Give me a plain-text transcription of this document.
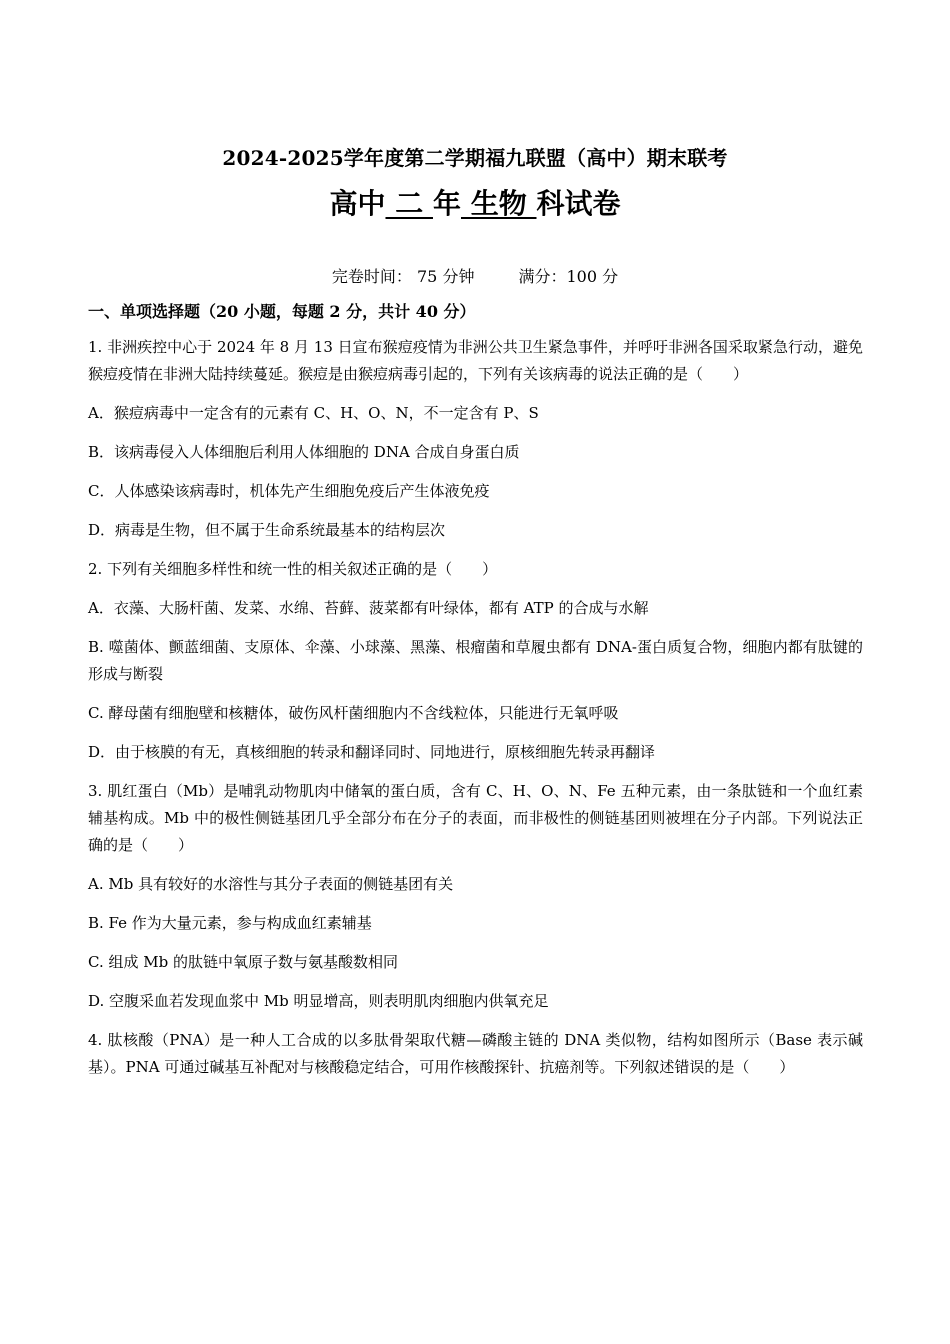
2024-2025学年度第二学期福九联盟（高中）期末联考
高中 二 年 生物 科试卷
完卷时间： 75 分钟	满分：100 分
一、单项选择题（20 小题，每题 2 分，共计 40 分）
1. 非洲疾控中心于 2024 年 8 月 13 日宣布猴痘疫情为非洲公共卫生紧急事件，并呼吁非洲各国采取紧急行动，避免猴痘疫情在非洲大陆持续蔓延。猴痘是由猴痘病毒引起的，下列有关该病毒的说法正确的是（　　）
A．猴痘病毒中一定含有的元素有 C、H、O、N，不一定含有 P、S
B．该病毒侵入人体细胞后利用人体细胞的 DNA 合成自身蛋白质
C．人体感染该病毒时，机体先产生细胞免疫后产生体液免疫
D．病毒是生物，但不属于生命系统最基本的结构层次
2. 下列有关细胞多样性和统一性的相关叙述正确的是（　　）
A．衣藻、大肠杆菌、发菜、水绵、苔藓、菠菜都有叶绿体，都有 ATP 的合成与水解
B. 噬菌体、颤蓝细菌、支原体、伞藻、小球藻、黑藻、根瘤菌和草履虫都有 DNA-蛋白质复合物，细胞内都有肽键的形成与断裂
C. 酵母菌有细胞壁和核糖体，破伤风杆菌细胞内不含线粒体，只能进行无氧呼吸
D．由于核膜的有无，真核细胞的转录和翻译同时、同地进行，原核细胞先转录再翻译
3. 肌红蛋白（Mb）是哺乳动物肌肉中储氧的蛋白质，含有 C、H、O、N、Fe 五种元素，由一条肽链和一个血红素辅基构成。Mb 中的极性侧链基团几乎全部分布在分子的表面，而非极性的侧链基团则被埋在分子内部。下列说法正确的是（　　）
A. Mb 具有较好的水溶性与其分子表面的侧链基团有关
B. Fe 作为大量元素，参与构成血红素辅基
C. 组成 Mb 的肽链中氧原子数与氨基酸数相同
D. 空腹采血若发现血浆中 Mb 明显增高，则表明肌肉细胞内供氧充足
4. 肽核酸（PNA）是一种人工合成的以多肽骨架取代糖—磷酸主链的 DNA 类似物，结构如图所示（Base 表示碱基）。PNA 可通过碱基互补配对与核酸稳定结合，可用作核酸探针、抗癌剂等。下列叙述错误的是（　　）
